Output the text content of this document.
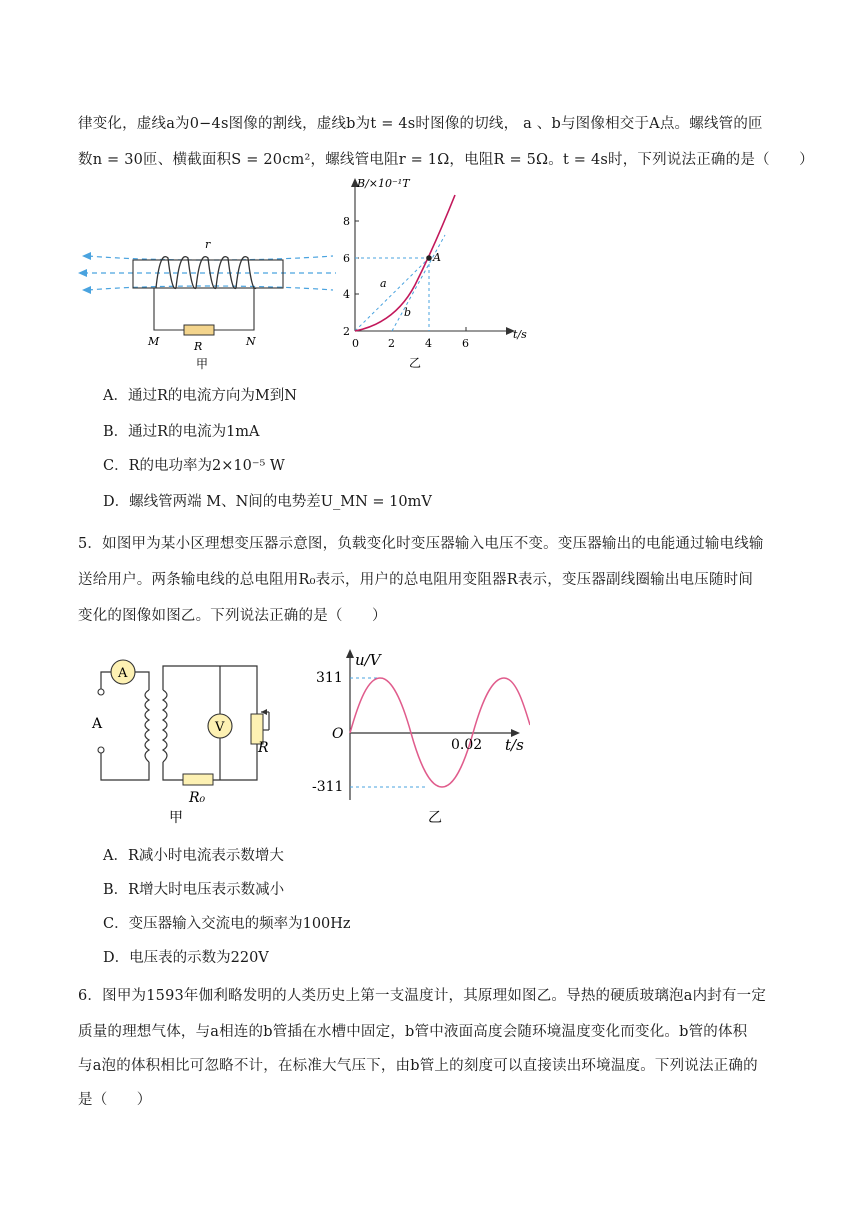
律变化，虚线a为0−4s图像的割线，虚线b为t = 4s时图像的切线， a 、b与图像相交于A点。螺线管的匝
数n = 30匝、横截面积S = 20cm²，螺线管电阻r = 1Ω，电阻R = 5Ω。t = 4s时，下列说法正确的是（　　）
r
R
M	N
甲
B/×10⁻¹T
t/s
2
4
6
8
0	2	4	6
A
a
b
乙
A．通过R的电流方向为M到N
B．通过R的电流为1mA
C．R的电功率为2×10⁻⁵ W
D．螺线管两端 M、N间的电势差U_MN = 10mV
5．如图甲为某小区理想变压器示意图，负载变化时变压器输入电压不变。变压器输出的电能通过输电线输
送给用户。两条输电线的总电阻用R₀表示，用户的总电阻用变阻器R表示，变压器副线圈输出电压随时间
变化的图像如图乙。下列说法正确的是（　　）
A
V
A
R
R₀
甲
311
-311
O
u/V
t/s
0.02
乙
A．R减小时电流表示数增大
B．R增大时电压表示数减小
C．变压器输入交流电的频率为100Hz
D．电压表的示数为220V
6．图甲为1593年伽利略发明的人类历史上第一支温度计，其原理如图乙。导热的硬质玻璃泡a内封有一定
质量的理想气体，与a相连的b管插在水槽中固定，b管中液面高度会随环境温度变化而变化。b管的体积
与a泡的体积相比可忽略不计，在标准大气压下，由b管上的刻度可以直接读出环境温度。下列说法正确的
是（　　）
